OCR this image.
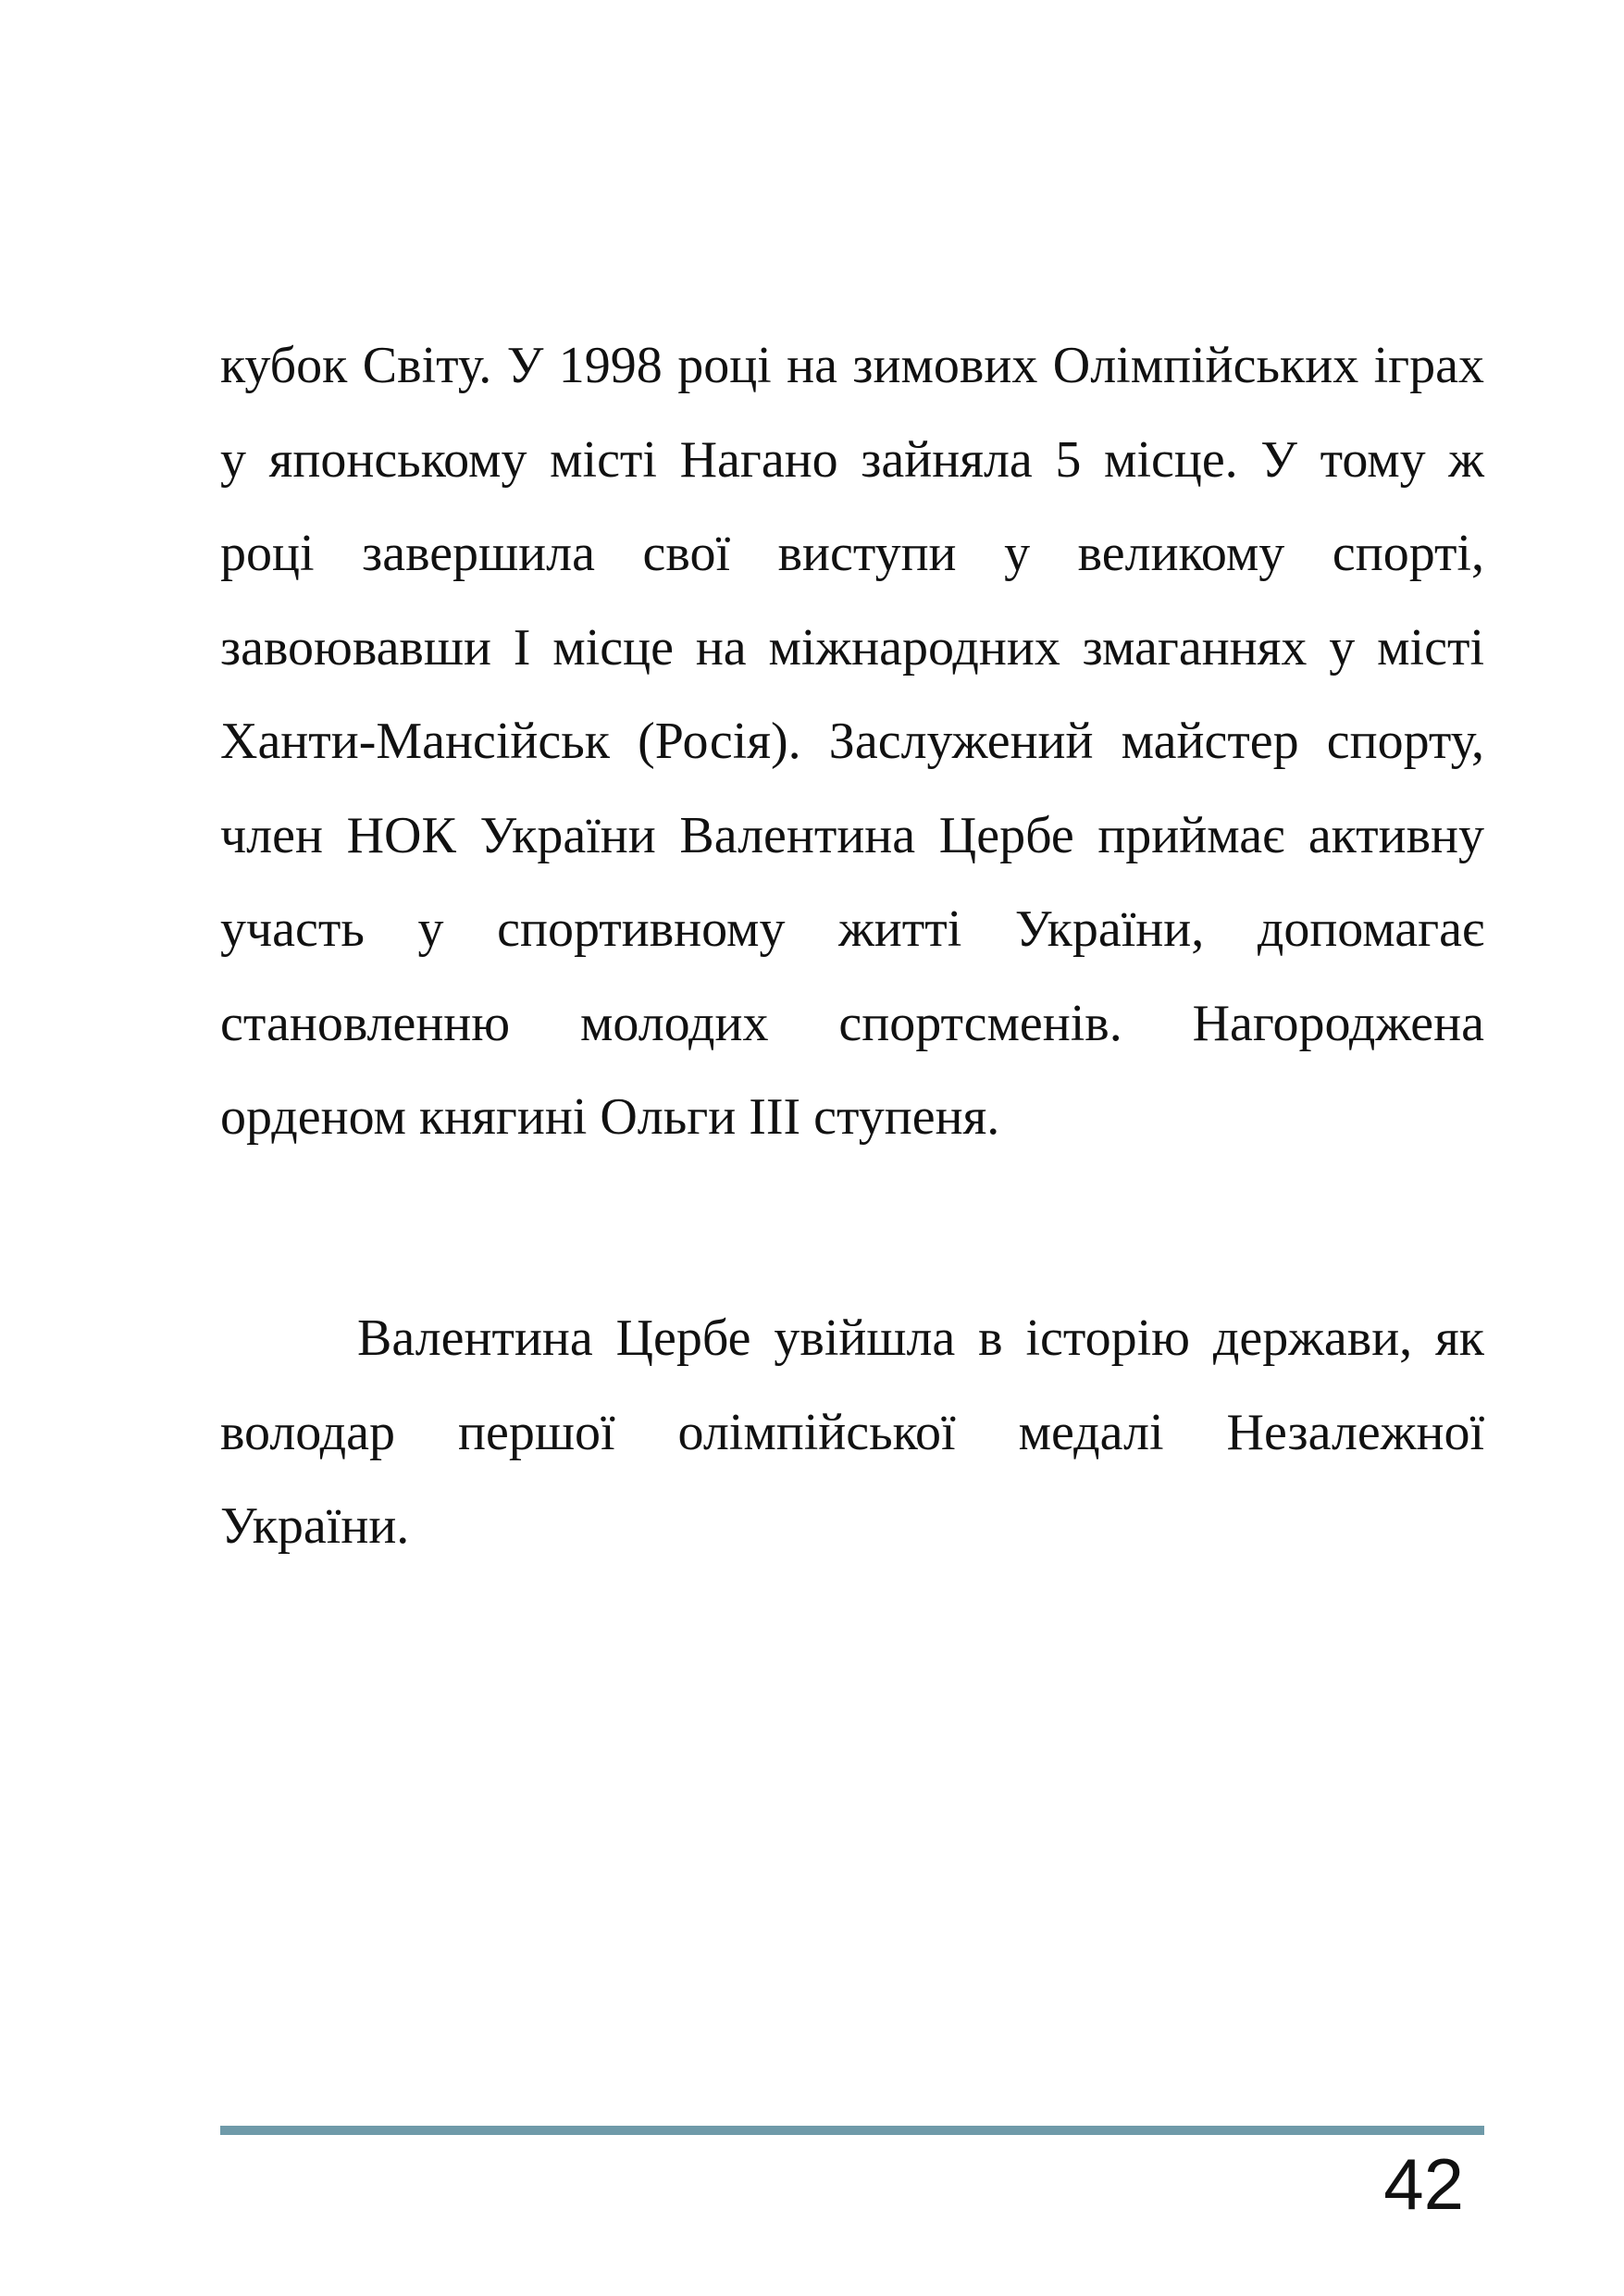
кубок Світу. У 1998 році на зимових Олімпійських іграх у японському місті Нагано зайняла 5 місце. У тому ж році завершила свої виступи у великому спорті, завоювавши І місце на міжнародних змаганнях у місті Ханти-Мансійськ (Росія). Заслужений майстер спорту, член НОК України Валентина Цербе приймає активну участь у спортивному житті України, допомагає становленню молодих спортсменів. Нагороджена орденом княгині Ольги ІІІ ступеня.

Валентина Цербе увійшла в історію держави, як володар першої олімпійської медалі Незалежної України.

42
